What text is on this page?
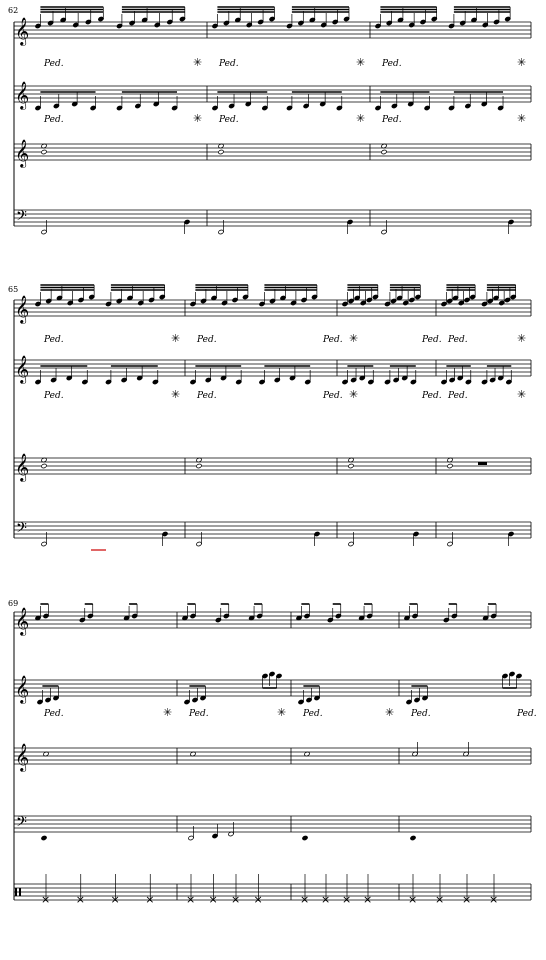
62
65
69
𝄞
𝄞
𝄞
𝄢
Ped.	✳ Ped.	✳ Ped.	✳
Ped.	✳ Ped.	✳ Ped.	✳
𝄞
𝄞
𝄞
𝄢
Ped.	✳ Ped.	Ped. ✳	Ped. Ped.	✳
Ped.	✳ Ped.	Ped. ✳	Ped. Ped.	✳
𝄞
𝄞
𝄞
𝄢
× × × ×	× × × ×	× × × ×	× × × ×
Ped.	✳ Ped.	✳ Ped.	✳ Ped.	Ped.
